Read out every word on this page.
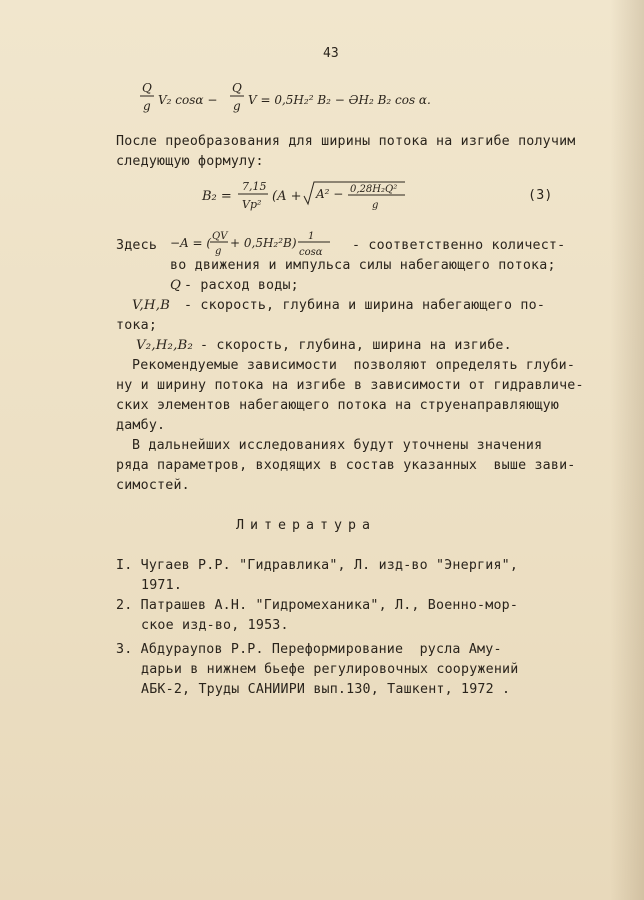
43
Q
g V₂ cosα −
Q
g V = 0,5H₂² B₂ − ƏH₂ B₂ cos α.
После преобразования для ширины потока на изгибе получим
следующую формулу:
B₂ =
7,15
Vp²
(A + A² − 0,28H₂Q²
g
(3)
Здесь −A = ( QV
g
+ 0,5H₂²B) 1
cosα - соответственно количест-
во движения и импульса силы набегающего потока;
Q - расход воды;
V,H,B - скорость, глубина и ширина набегающего по-
тока;
V₂,H₂,B₂ - скорость, глубина, ширина на изгибе.
Рекомендуемые зависимости  позволяют определять глуби-
ну и ширину потока на изгибе в зависимости от гидравличе-
ских элементов набегающего потока на струенаправляющую
дамбу.
В дальнейших исследованиях будут уточнены значения
ряда параметров, входящих в состав указанных  выше зави-
симостей.
Литература
I. Чугаев Р.Р. "Гидравлика", Л. изд-во "Энергия",
1971.
2. Патрашев А.Н. "Гидромеханика", Л., Военно-мор-
ское изд-во, 1953.
3. Абдураупов Р.Р. Переформирование  русла Аму-
дарьи в нижнем бьефе регулировочных сооружений
АБК-2, Труды САНИИРИ вып.130, Ташкент, 1972 .
